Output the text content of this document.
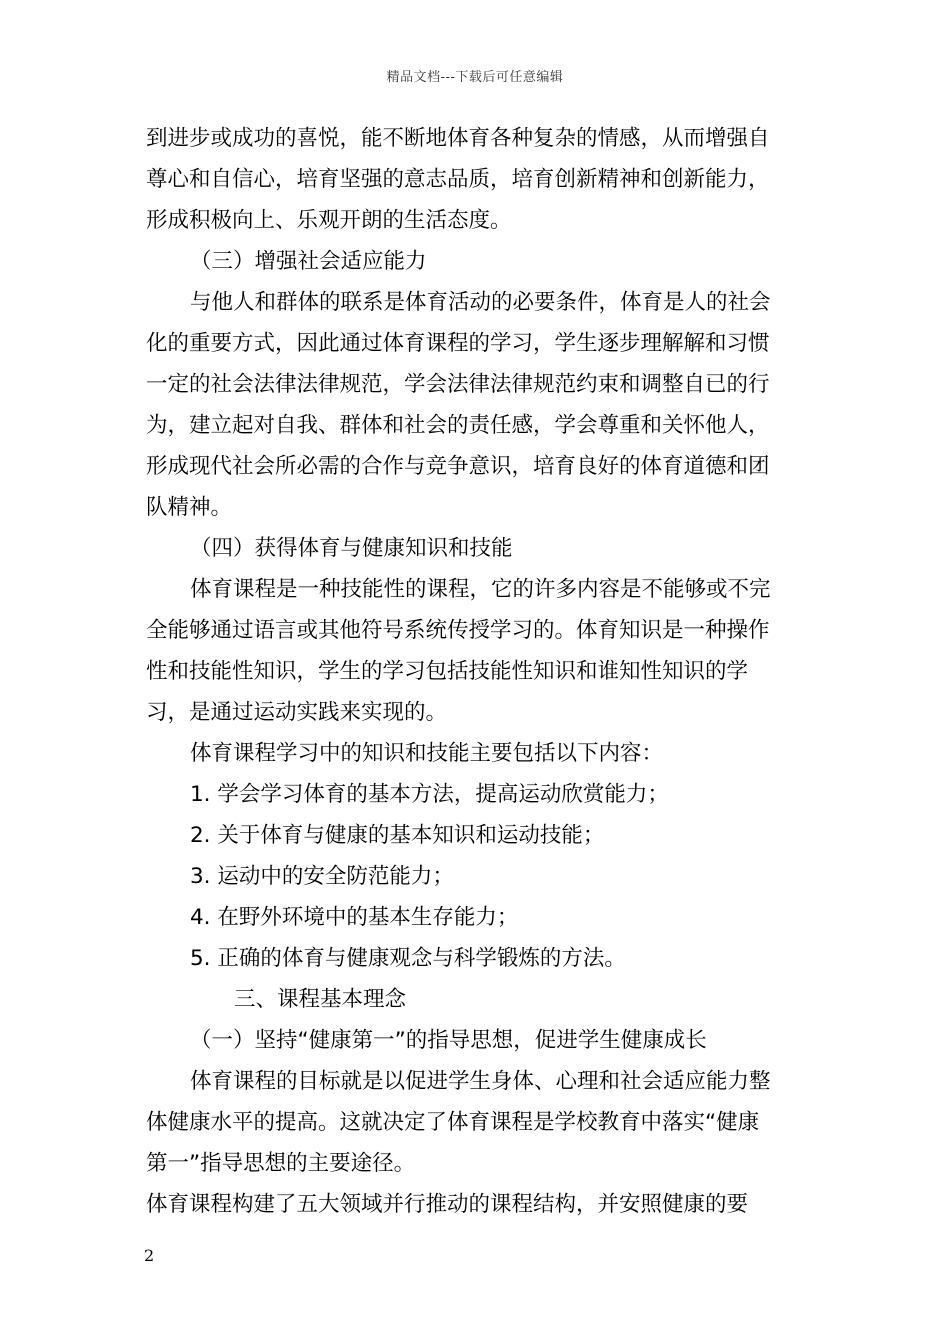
精品文档---下载后可任意编辑

到进步或成功的喜悦，能不断地体育各种复杂的情感，从而增强自

尊心和自信心，培育坚强的意志品质，培育创新精神和创新能力，

形成积极向上、乐观开朗的生活态度。

（三）增强社会适应能力

与他人和群体的联系是体育活动的必要条件，体育是人的社会

化的重要方式，因此通过体育课程的学习，学生逐步理解解和习惯

一定的社会法律法律规范，学会法律法律规范约束和调整自已的行

为，建立起对自我、群体和社会的责任感，学会尊重和关怀他人，

形成现代社会所必需的合作与竞争意识，培育良好的体育道德和团

队精神。

（四）获得体育与健康知识和技能

体育课程是一种技能性的课程，它的许多内容是不能够或不完

全能够通过语言或其他符号系统传授学习的。体育知识是一种操作

性和技能性知识，学生的学习包括技能性知识和谁知性知识的学

习，是通过运动实践来实现的。

体育课程学习中的知识和技能主要包括以下内容：

1. 学会学习体育的基本方法，提高运动欣赏能力；

2. 关于体育与健康的基本知识和运动技能；

3. 运动中的安全防范能力；

4. 在野外环境中的基本生存能力；

5. 正确的体育与健康观念与科学锻炼的方法。

三、课程基本理念

（一）坚持“健康第一”的指导思想，促进学生健康成长

体育课程的目标就是以促进学生身体、心理和社会适应能力整

体健康水平的提高。这就决定了体育课程是学校教育中落实“健康

第一”指导思想的主要途径。

体育课程构建了五大领域并行推动的课程结构，并安照健康的要

2
